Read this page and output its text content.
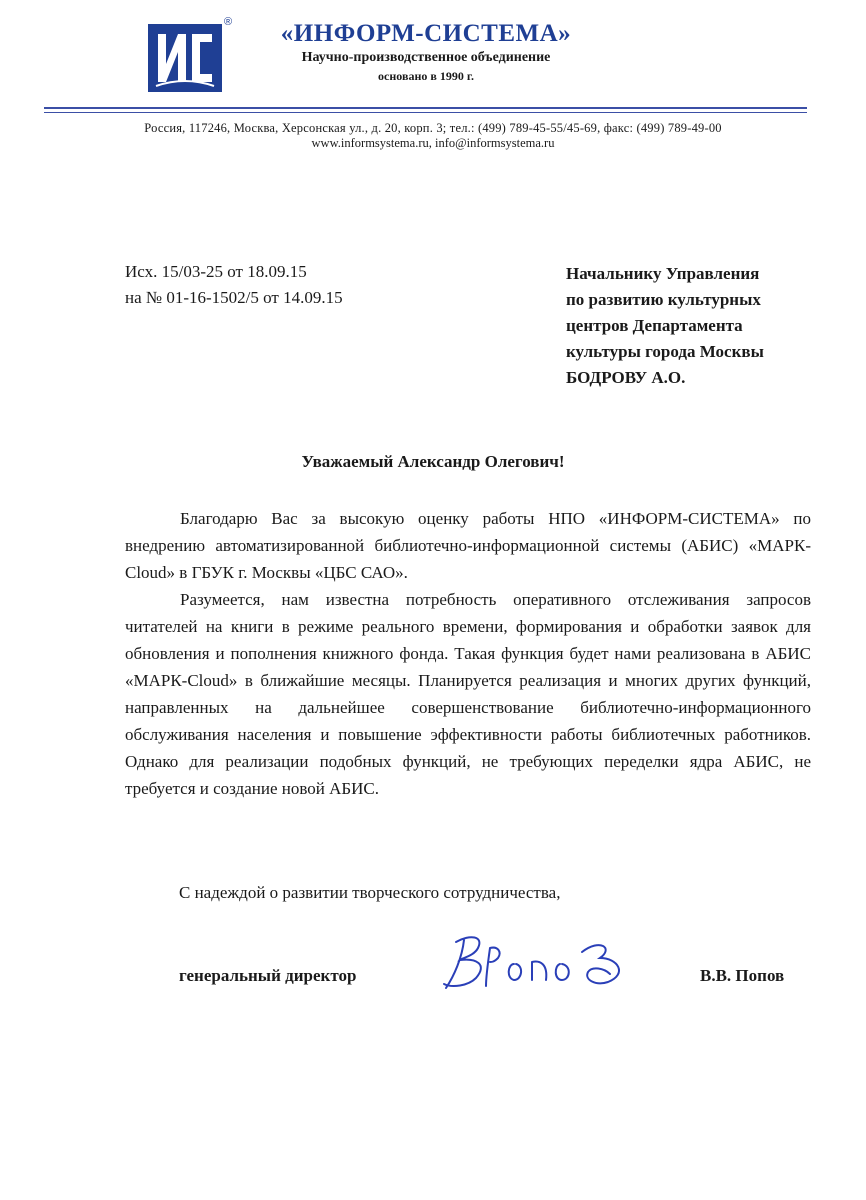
®	«ИНФОРМ-СИСТЕМА»
Научно-производственное объединение
основано в 1990 г.
Россия, 117246, Москва, Херсонская ул., д. 20, корп. 3; тел.: (499) 789-45-55/45-69, факс: (499) 789-49-00
www.informsystema.ru, info@informsystema.ru
Исх. 15/03-25 от 18.09.15
на № 01-16-1502/5 от 14.09.15
Начальнику Управления
по развитию культурных
центров Департамента
культуры города Москвы
БОДРОВУ А.О.
Уважаемый Александр Олегович!

Благодарю Вас за высокую оценку работы НПО «ИНФОРМ-СИСТЕМА» по внедрению автоматизированной библиотечно-информационной системы (АБИС) «МАРК-Cloud» в ГБУК г. Москвы «ЦБС САО».

Разумеется, нам известна потребность оперативного отслеживания запросов читателей на книги в режиме реального времени, формирования и обработки заявок для обновления и пополнения книжного фонда. Такая функция будет нами реализована в АБИС «МАРК-Cloud» в ближайшие месяцы. Планируется реализация и многих других функций, направленных на дальнейшее совершенствование библиотечно-информационного обслуживания населения и повышение эффективности работы библиотечных работников. Однако для реализации подобных функций, не требующих переделки ядра АБИС, не требуется и создание новой АБИС.

С надеждой о развитии творческого сотрудничества,
генеральный директор	В.В. Попов
